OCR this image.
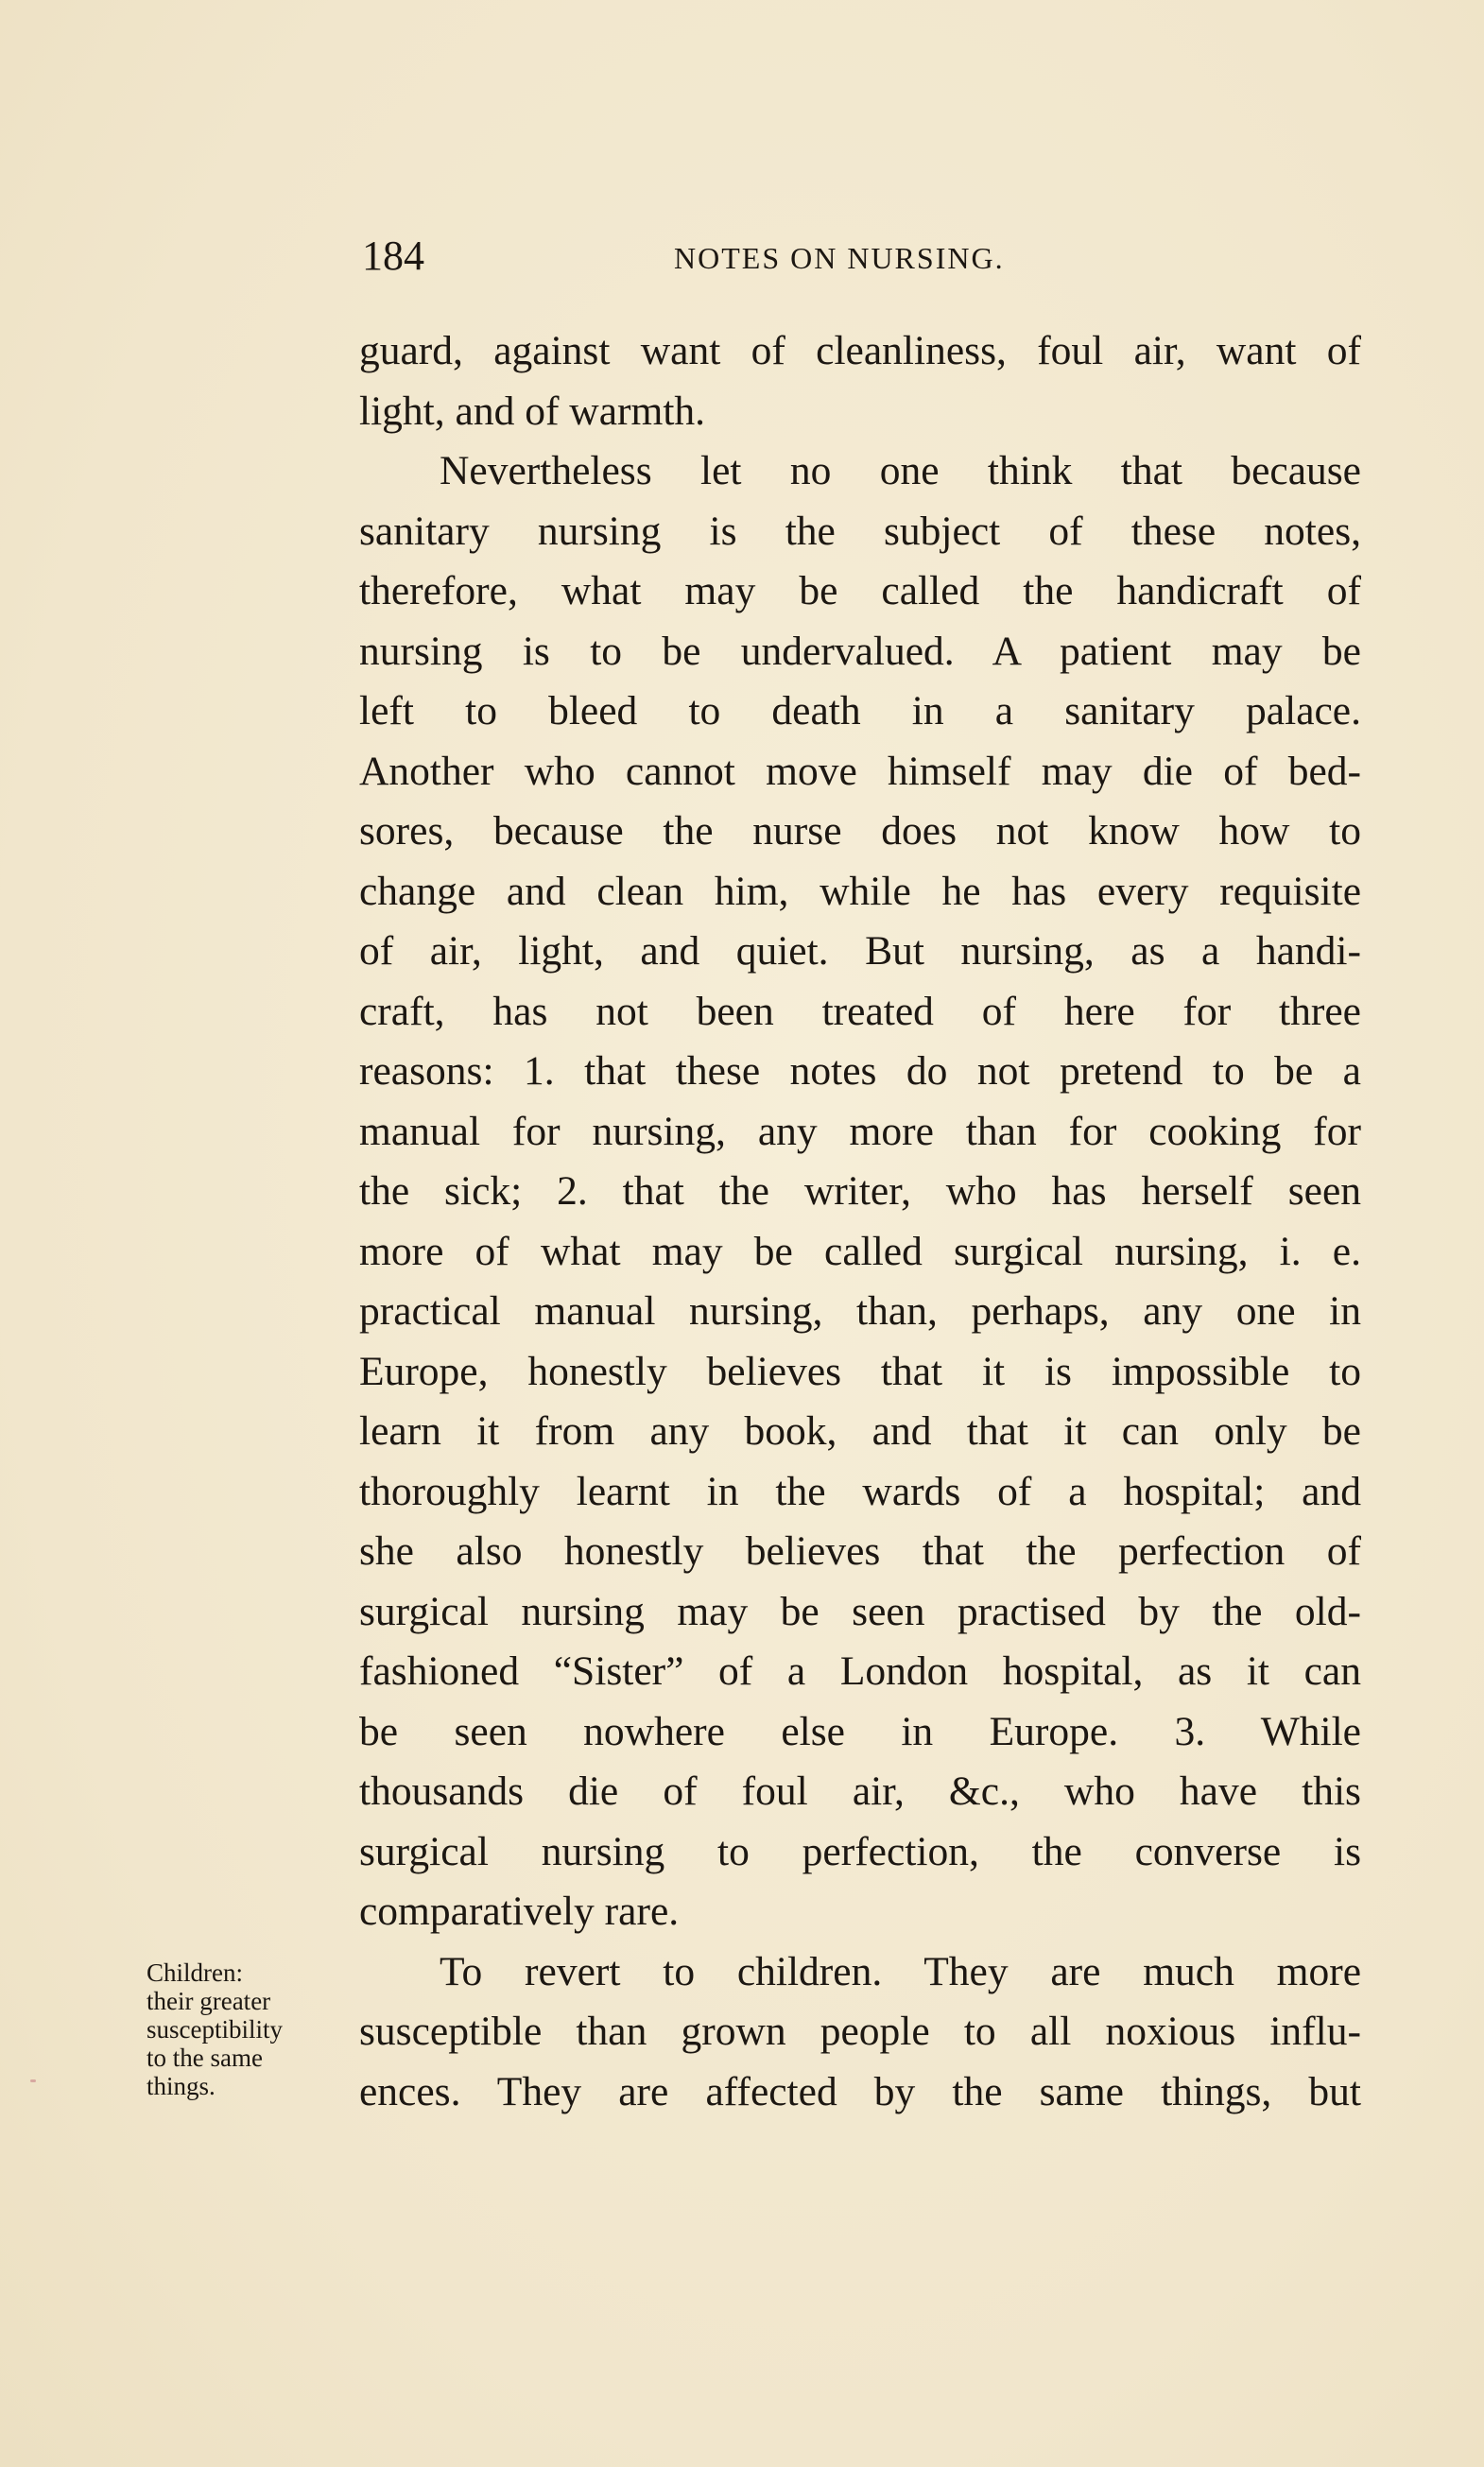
184	NOTES ON NURSING.
guard, against want of cleanliness, foul air, want of
light, and of warmth.
Nevertheless let no one think that because
sanitary nursing is the subject of these notes,
therefore, what may be called the handicraft of
nursing is to be undervalued. A patient may be
left to bleed to death in a sanitary palace.
Another who cannot move himself may die of bed-
sores, because the nurse does not know how to
change and clean him, while he has every requisite
of air, light, and quiet. But nursing, as a handi-
craft, has not been treated of here for three
reasons: 1. that these notes do not pretend to be a
manual for nursing, any more than for cooking for
the sick; 2. that the writer, who has herself seen
more of what may be called surgical nursing, i. e.
practical manual nursing, than, perhaps, any one in
Europe, honestly believes that it is impossible to
learn it from any book, and that it can only be
thoroughly learnt in the wards of a hospital; and
she also honestly believes that the perfection of
surgical nursing may be seen practised by the old-
fashioned “Sister” of a London hospital, as it can
be seen nowhere else in Europe. 3. While
thousands die of foul air, &c., who have this
surgical nursing to perfection, the converse is
comparatively rare.
To revert to children. They are much more
susceptible than grown people to all noxious influ-
ences. They are affected by the same things, but
Children:
their greater
susceptibility
to the same
things.
